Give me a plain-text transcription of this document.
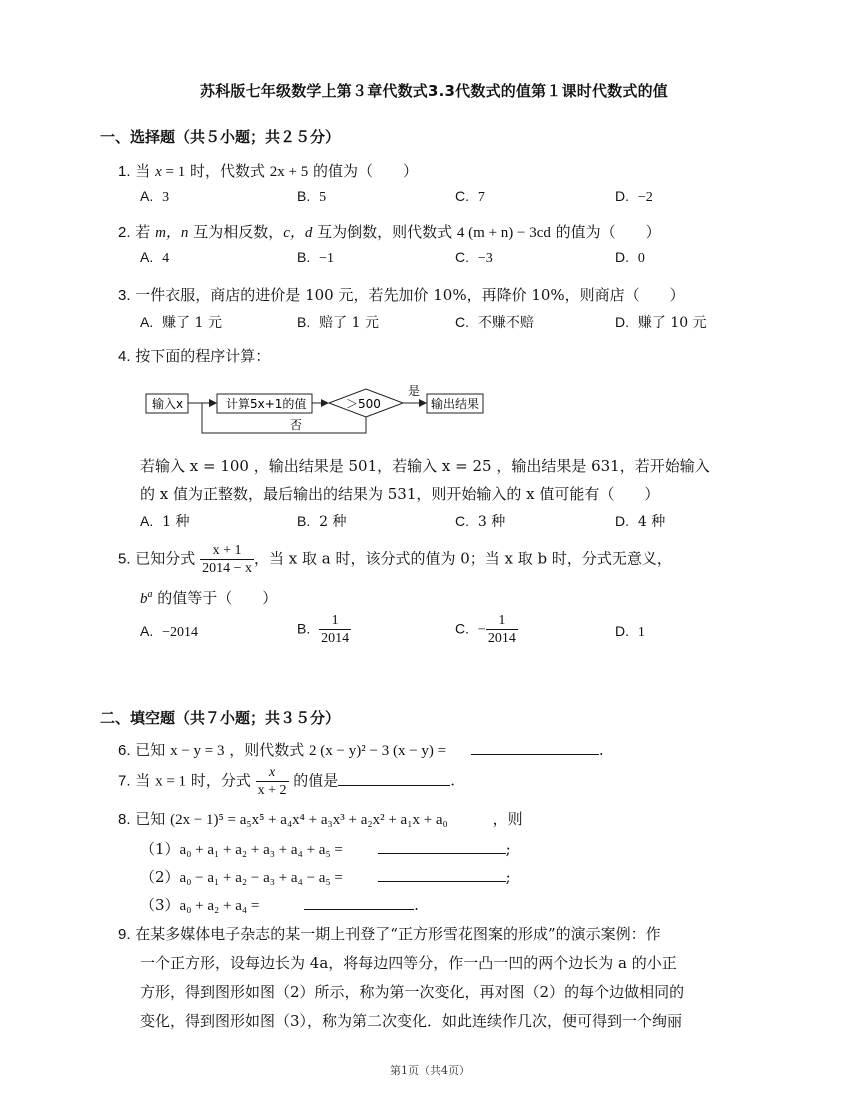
苏科版七年级数学上第３章代数式3.3代数式的值第１课时代数式的值
一、选择题（共５小题；共２５分）
1. 当 x = 1 时，代数式 2x + 5 的值为（　　）
A. 3	B. 5	C. 7	D. −2
2. 若 m，n 互为相反数，c，d 互为倒数，则代数式 4 (m + n) − 3cd 的值为（　　）
A. 4	B. −1	C. −3	D. 0
3. 一件衣服，商店的进价是 100 元，若先加价 10%，再降价 10%，则商店（　　）
A. 赚了 1 元	B. 赔了 1 元	C. 不赚不赔	D. 赚了 10 元
4. 按下面的程序计算：
输入x	计算5x+1的值	＞500
是
输出结果
否
若输入 x = 100 ，输出结果是 501，若输入 x = 25 ，输出结果是 631，若开始输入
的 x 值为正整数，最后输出的结果为 531，则开始输入的 x 值可能有（　　）
A. 1 种	B. 2 种	C. 3 种	D. 4 种
5. 已知分式 $\frac{x + 1}{2014 - x}$ ，当 x 取 a 时，该分式的值为 0；当 x 取 b 时，分式无意义，
$b^a$ 的值等于（　　）
A. −2014	B. $\frac{1}{2014}$	C. − $\frac{1}{2014}$	D. 1
二、填空题（共７小题；共３５分）
6. 已知 x − y = 3 ，则代数式 2 (x − y)² − 3 (x − y) =	.
7. 当 x = 1 时，分式 $\frac{x}{x + 2}$ 的值是	.
8. 已知 (2x − 1)⁵ = a₅x⁵ + a₄x⁴ + a₃x³ + a₂x² + a₁x + a₀	，则
（1）a₀ + a₁ + a₂ + a₃ + a₄ + a₅ =	;
（2）a₀ − a₁ + a₂ − a₃ + a₄ − a₅ =	;
（3）a₀ + a₂ + a₄ =	.
9. 在某多媒体电子杂志的某一期上刊登了“正方形雪花图案的形成”的演示案例：作
一个正方形，设每边长为 4a，将每边四等分，作一凸一凹的两个边长为 a 的小正
方形，得到图形如图（2）所示，称为第一次变化，再对图（2）的每个边做相同的
变化，得到图形如图（3），称为第二次变化．如此连续作几次，便可得到一个绚丽
第1页（共4页）
